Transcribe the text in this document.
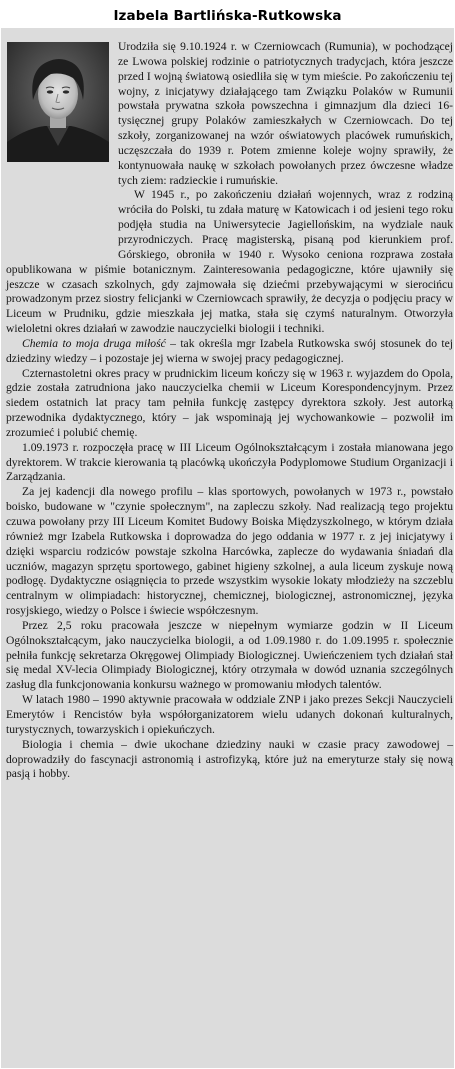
Izabela Bartlińska-Rutkowska

Urodziła się 9.10.1924 r. w Czerniowcach (Rumunia), w pochodzącej ze Lwowa polskiej rodzinie o patriotycznych tradycjach, która jeszcze przed I wojną światową osiedliła się w tym mieście. Po zakończeniu tej wojny, z inicjatywy działającego tam Związku Polaków w Rumunii powstała prywatna szkoła powszechna i gimnazjum dla dzieci 16-tysięcznej grupy Polaków zamieszkałych w Czerniowcach. Do tej szkoły, zorganizowanej na wzór oświatowych placówek rumuńskich, uczęszczała do 1939 r. Potem zmienne koleje wojny sprawiły, że kontynuowała naukę w szkołach powołanych przez ówczesne władze tych ziem: radzieckie i rumuńskie.

W 1945 r., po zakończeniu działań wojennych, wraz z rodziną wróciła do Polski, tu zdała maturę w Katowicach i od jesieni tego roku podjęła studia na Uniwersytecie Jagiellońskim, na wydziale nauk przyrodniczych. Pracę magisterską, pisaną pod kierunkiem prof. Górskiego, obroniła w 1940 r. Wysoko ceniona rozprawa została opublikowana w piśmie botanicznym. Zainteresowania pedagogiczne, które ujawniły się jeszcze w czasach szkolnych, gdy zajmowała się dziećmi przebywającymi w sierocińcu prowadzonym przez siostry felicjanki w Czerniowcach sprawiły, że decyzja o podjęciu pracy w Liceum w Prudniku, gdzie mieszkała jej matka, stała się czymś naturalnym. Otworzyła wieloletni okres działań w zawodzie nauczycielki biologii i techniki.

Chemia to moja druga miłość – tak określa mgr Izabela Rutkowska swój stosunek do tej dziedziny wiedzy – i pozostaje jej wierna w swojej pracy pedagogicznej.

Czternastoletni okres pracy w prudnickim liceum kończy się w 1963 r. wyjazdem do Opola, gdzie została zatrudniona jako nauczycielka chemii w Liceum Korespondencyjnym. Przez siedem ostatnich lat pracy tam pełniła funkcję zastępcy dyrektora szkoły. Jest autorką przewodnika dydaktycznego, który – jak wspominają jej wychowankowie – pozwolił im zrozumieć i polubić chemię.

1.09.1973 r. rozpoczęła pracę w III Liceum Ogólnokształcącym i została mianowana jego dyrektorem. W trakcie kierowania tą placówką ukończyła Podyplomowe Studium Organizacji i Zarządzania.

Za jej kadencji dla nowego profilu – klas sportowych, powołanych w 1973 r., powstało boisko, budowane w "czynie społecznym", na zapleczu szkoły. Nad realizacją tego projektu czuwa powołany przy III Liceum Komitet Budowy Boiska Międzyszkolnego, w którym działa również mgr Izabela Rutkowska i doprowadza do jego oddania w 1977 r. z jej inicjatywy i dzięki wsparciu rodziców powstaje szkolna Harcówka, zaplecze do wydawania śniadań dla uczniów, magazyn sprzętu sportowego, gabinet higieny szkolnej, a aula liceum zyskuje nową podłogę. Dydaktyczne osiągnięcia to przede wszystkim wysokie lokaty młodzieży na szczeblu centralnym w olimpiadach: historycznej, chemicznej, biologicznej, astronomicznej, języka rosyjskiego, wiedzy o Polsce i świecie współczesnym.

Przez 2,5 roku pracowała jeszcze w niepełnym wymiarze godzin w II Liceum Ogólnokształcącym, jako nauczycielka biologii, a od 1.09.1980 r. do 1.09.1995 r. społecznie pełniła funkcję sekretarza Okręgowej Olimpiady Biologicznej. Uwieńczeniem tych działań stał się medal XV-lecia Olimpiady Biologicznej, który otrzymała w dowód uznania szczególnych zasług dla funkcjonowania konkursu ważnego w promowaniu młodych talentów.

W latach 1980 – 1990 aktywnie pracowała w oddziale ZNP i jako prezes Sekcji Nauczycieli Emerytów i Rencistów była współorganizatorem wielu udanych dokonań kulturalnych, turystycznych, towarzyskich i opiekuńczych.

Biologia i chemia – dwie ukochane dziedziny nauki w czasie pracy zawodowej – doprowadziły do fascynacji astronomią i astrofizyką, które już na emeryturze stały się nową pasją i hobby.
